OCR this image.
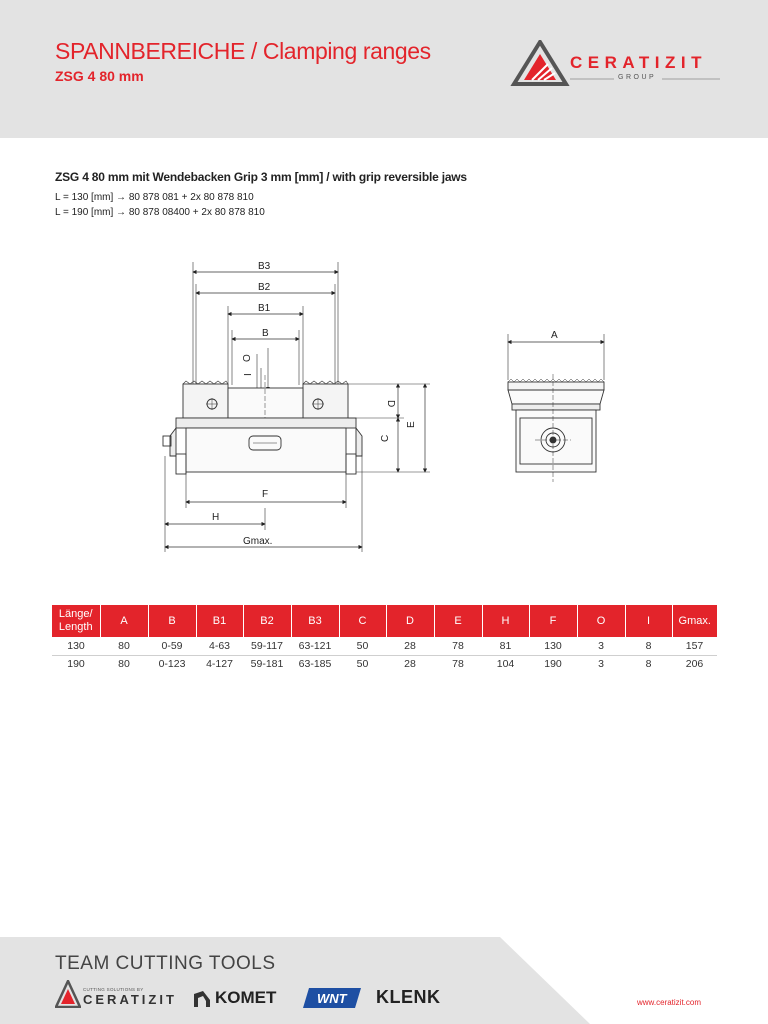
SPANNBEREICHE / Clamping ranges
ZSG 4 80 mm
CERATIZIT
GROUP
ZSG 4 80 mm mit Wendebacken Grip 3 mm [mm] / with grip reversible jaws
L = 130 [mm] → 80 878 081 + 2x 80 878 810
L = 190 [mm] → 80 878 08400 + 2x 80 878 810
B3
B2
B1
B
O
I
D
C
E
F
H
Gmax.
A
Länge/ Length	A	B	B1	B2	B3	C	D	E	H	F	O	I	Gmax.
130	80	0-59	4-63	59-117	63-121	50	28	78	81	130	3	8	157
190	80	0-123	4-127	59-181	63-185	50	28	78	104	190	3	8	206
TEAM CUTTING TOOLS
CUTTING SOLUTIONS BY
CERATIZIT KOMET	WNT KLENK	www.ceratizit.com
